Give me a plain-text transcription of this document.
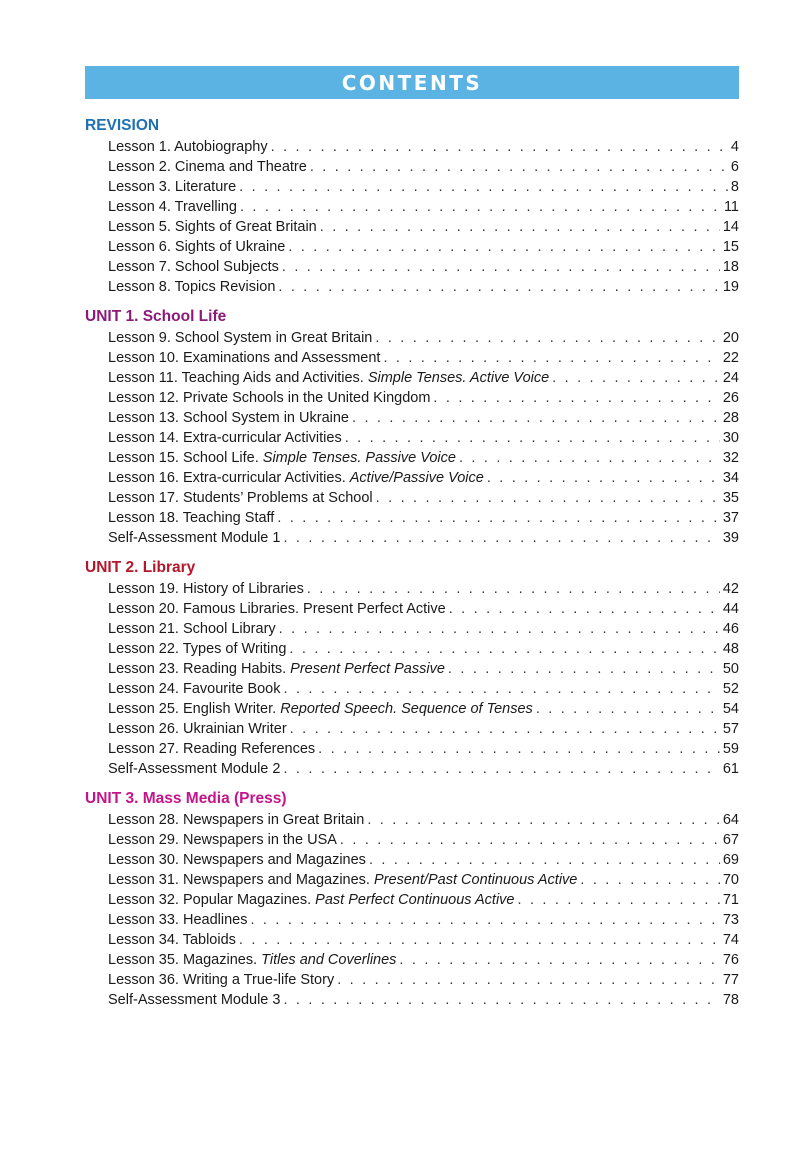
CONTENTS
REVISION
Lesson 1. Autobiography . . .	4
Lesson 2. Cinema and Theatre . . .	6
Lesson 3. Literature . . .	8
Lesson 4. Travelling . . .	11
Lesson 5. Sights of Great Britain . . .	14
Lesson 6. Sights of Ukraine . . .	15
Lesson 7. School Subjects . . .	18
Lesson 8. Topics Revision . . .	19
UNIT 1. School Life
Lesson 9. School System in Great Britain . . .	20
Lesson 10. Examinations and Assessment . . .	22
Lesson 11. Teaching Aids and Activities. Simple Tenses. Active Voice . . .	24
Lesson 12. Private Schools in the United Kingdom . . .	26
Lesson 13. School System in Ukraine . . .	28
Lesson 14. Extra-curricular Activities . . .	30
Lesson 15. School Life. Simple Tenses. Passive Voice . . .	32
Lesson 16. Extra-curricular Activities. Active/Passive Voice . . .	34
Lesson 17. Students’ Problems at School . . .	35
Lesson 18. Teaching Staff . . .	37
Self-Assessment Module 1 . . .	39
UNIT 2. Library
Lesson 19. History of Libraries . . .	42
Lesson 20. Famous Libraries. Present Perfect Active . . .	44
Lesson 21. School Library . . .	46
Lesson 22. Types of Writing . . .	48
Lesson 23. Reading Habits. Present Perfect Passive . . .	50
Lesson 24. Favourite Book . . .	52
Lesson 25. English Writer. Reported Speech. Sequence of Tenses . . .	54
Lesson 26. Ukrainian Writer . . .	57
Lesson 27. Reading References . . .	59
Self-Assessment Module 2 . . .	61
UNIT 3. Mass Media (Press)
Lesson 28. Newspapers in Great Britain . . .	64
Lesson 29. Newspapers in the USA . . .	67
Lesson 30. Newspapers and Magazines . . .	69
Lesson 31. Newspapers and Magazines. Present/Past Continuous Active . . .	70
Lesson 32. Popular Magazines. Past Perfect Continuous Active . . .	71
Lesson 33. Headlines . . .	73
Lesson 34. Tabloids . . .	74
Lesson 35. Magazines. Titles and Coverlines . . .	76
Lesson 36. Writing a True-life Story . . .	77
Self-Assessment Module 3 . . .	78
